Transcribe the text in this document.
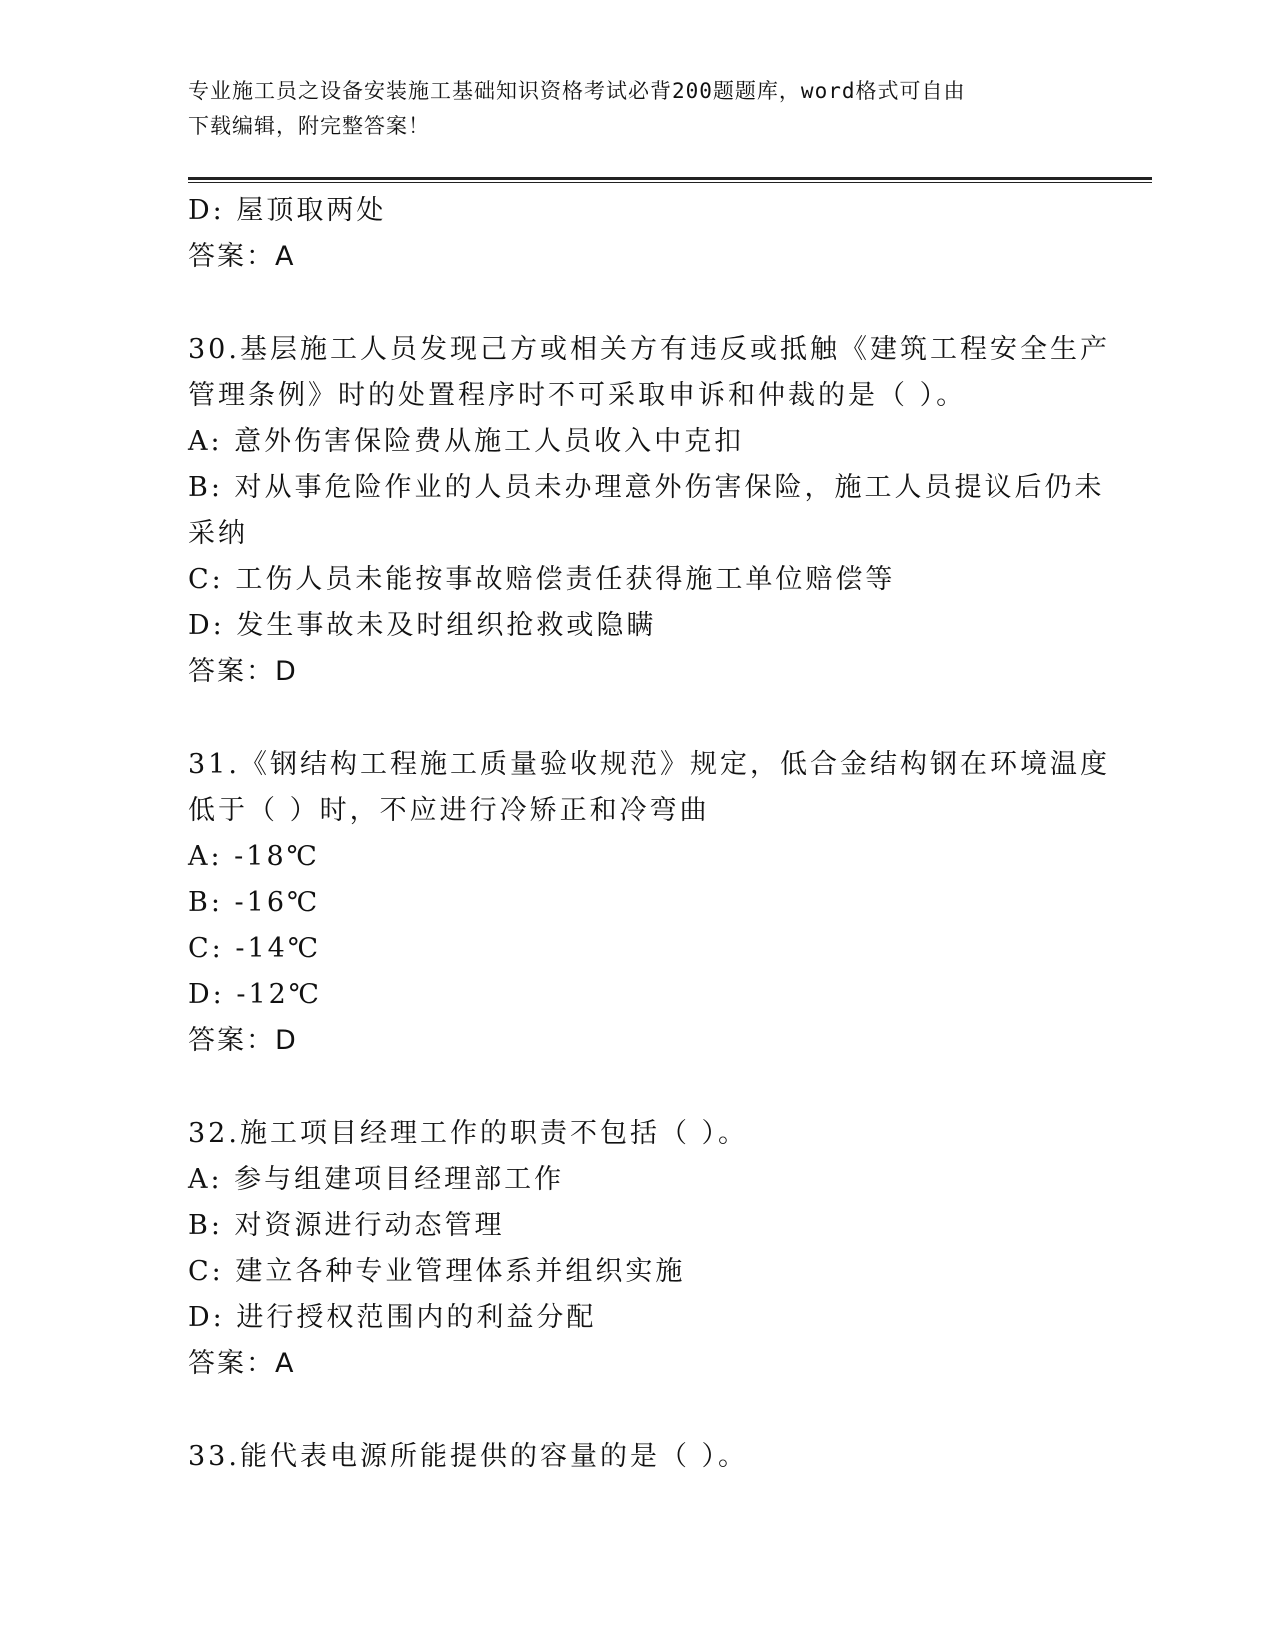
专业施工员之设备安装施工基础知识资格考试必背200题题库，word格式可自由
下载编辑，附完整答案！
D: 屋顶取两处
答案：A
30.基层施工人员发现己方或相关方有违反或抵触《建筑工程安全生产
管理条例》时的处置程序时不可采取申诉和仲裁的是（ ）。
A: 意外伤害保险费从施工人员收入中克扣
B: 对从事危险作业的人员未办理意外伤害保险，施工人员提议后仍未
采纳
C: 工伤人员未能按事故赔偿责任获得施工单位赔偿等
D: 发生事故未及时组织抢救或隐瞒
答案：D
31.《钢结构工程施工质量验收规范》规定，低合金结构钢在环境温度
低于（ ）时，不应进行冷矫正和冷弯曲
A: -18℃
B: -16℃
C: -14℃
D: -12℃
答案：D
32.施工项目经理工作的职责不包括（ ）。
A: 参与组建项目经理部工作
B: 对资源进行动态管理
C: 建立各种专业管理体系并组织实施
D: 进行授权范围内的利益分配
答案：A
33.能代表电源所能提供的容量的是（ ）。
